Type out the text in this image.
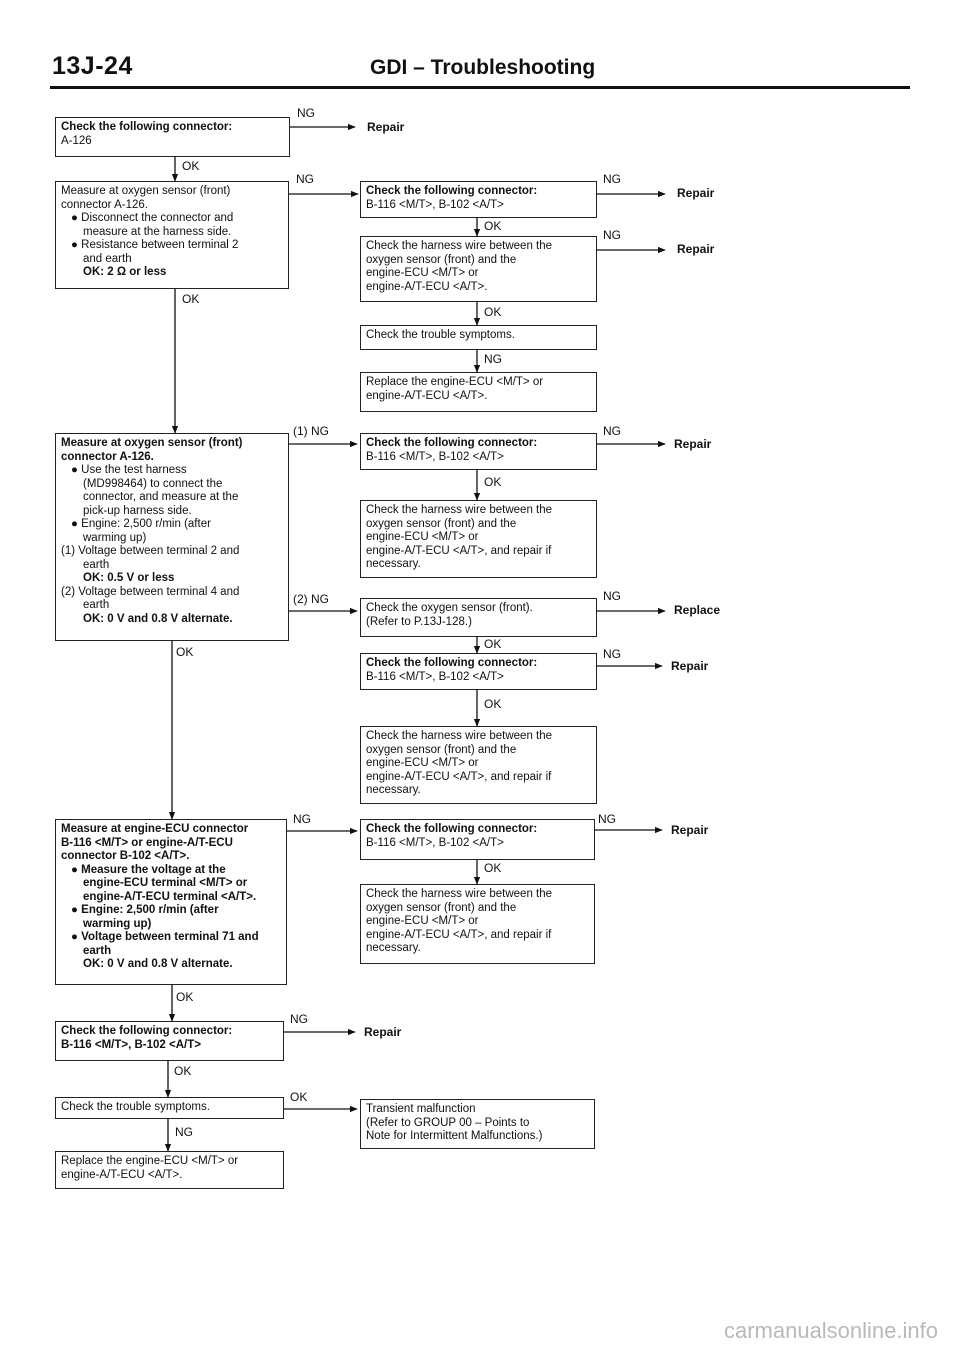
13J-24	GDI – Troubleshooting
Check the following connector:
A-126
Measure at oxygen sensor (front)
connector A-126.
● Disconnect the connector and
measure at the harness side.
● Resistance between terminal 2
and earth
OK: 2 Ω or less
Measure at oxygen sensor (front)
connector A-126.
● Use the test harness
(MD998464) to connect the
connector, and measure at the
pick-up harness side.
● Engine: 2,500 r/min (after
warming up)
(1) Voltage between terminal 2 and
earth
OK: 0.5 V or less
(2) Voltage between terminal 4 and
earth
OK: 0 V and 0.8 V alternate.
Measure at engine-ECU connector
B-116 <M/T> or engine-A/T-ECU
connector B-102 <A/T>.
● Measure the voltage at the
engine-ECU terminal <M/T> or
engine-A/T-ECU terminal <A/T>.
● Engine: 2,500 r/min (after
warming up)
● Voltage between terminal 71 and
earth
OK: 0 V and 0.8 V alternate.
Check the following connector:
B-116 <M/T>, B-102 <A/T>
Check the trouble symptoms.
Replace the engine-ECU <M/T> or
engine-A/T-ECU <A/T>.
Check the following connector:
B-116 <M/T>, B-102 <A/T>
Check the harness wire between the
oxygen sensor (front) and the
engine-ECU <M/T> or
engine-A/T-ECU <A/T>.
Check the trouble symptoms.
Replace the engine-ECU <M/T> or
engine-A/T-ECU <A/T>.
Check the following connector:
B-116 <M/T>, B-102 <A/T>
Check the harness wire between the
oxygen sensor (front) and the
engine-ECU <M/T> or
engine-A/T-ECU <A/T>, and repair if
necessary.
Check the oxygen sensor (front).
(Refer to P.13J-128.)
Check the following connector:
B-116 <M/T>, B-102 <A/T>
Check the harness wire between the
oxygen sensor (front) and the
engine-ECU <M/T> or
engine-A/T-ECU <A/T>, and repair if
necessary.
Check the following connector:
B-116 <M/T>, B-102 <A/T>
Check the harness wire between the
oxygen sensor (front) and the
engine-ECU <M/T> or
engine-A/T-ECU <A/T>, and repair if
necessary.
Transient malfunction
(Refer to GROUP 00 – Points to
Note for Intermittent Malfunctions.)
NG
OK
NG	NG
OK
NG
OK
OK
NG
(1) NG	NG
OK
NG
(2) NG
OK
OK	NG
OK
NG	NG
OK
OK
NG
OK
OK
NG
Repair
Repair
Repair
Repair
Replace
Repair
Repair
Repair
carmanualsonline.info
